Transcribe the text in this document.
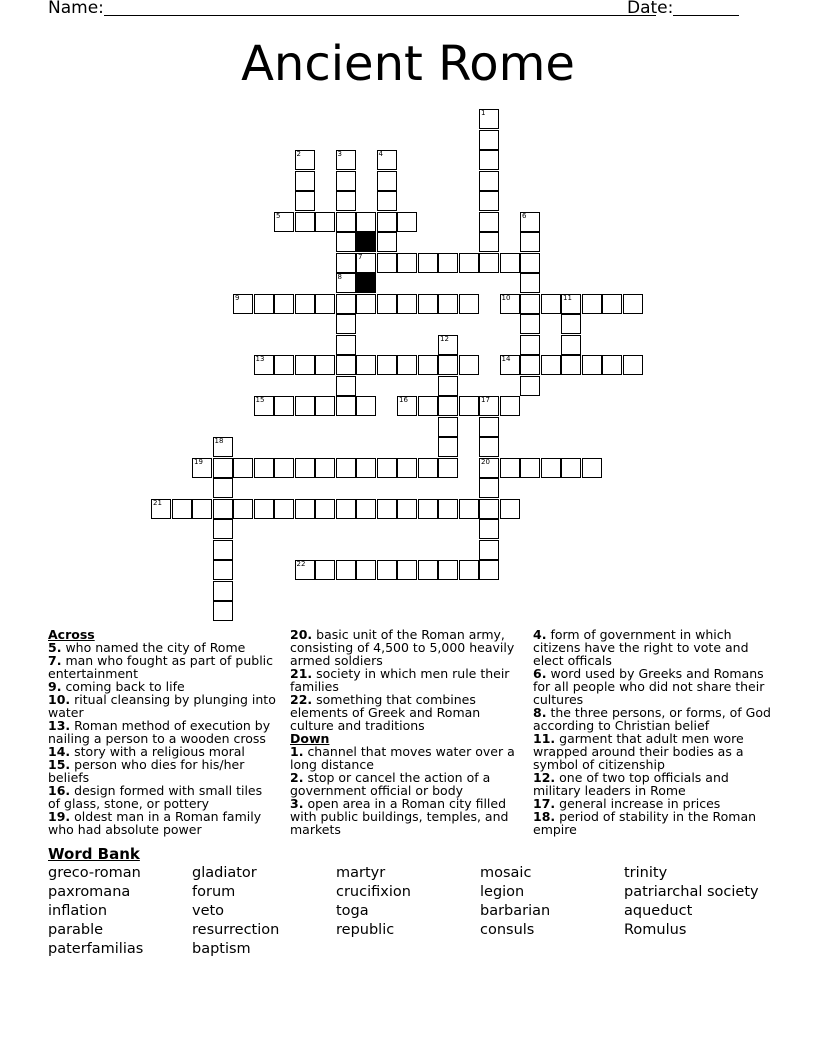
Name:	Date:
Ancient Rome
1
2	3	4
5	6
7
8
9	10	11
12
13	14
15	16	17
20
18
19
21
22
Across
5. who named the city of Rome
7. man who fought as part of public entertainment
9. coming back to life
10. ritual cleansing by plunging into water
13. Roman method of execution by nailing a person to a wooden cross
14. story with a religious moral
15. person who dies for his/her beliefs
16. design formed with small tiles of glass, stone, or pottery
19. oldest man in a Roman family who had absolute power
20. basic unit of the Roman army, consisting of 4,500 to 5,000 heavily armed soldiers
21. society in which men rule their families
22. something that combines elements of Greek and Roman culture and traditions
Down
1. channel that moves water over a long distance
2. stop or cancel the action of a government official or body
3. open area in a Roman city filled with public buildings, temples, and markets
4. form of government in which citizens have the right to vote and elect officals
6. word used by Greeks and Romans for all people who did not share their cultures
8. the three persons, or forms, of God according to Christian belief
11. garment that adult men wore wrapped around their bodies as a symbol of citizenship
12. one of two top officials and military leaders in Rome
17. general increase in prices
18. period of stability in the Roman empire
Word Bank
greco-roman
paxromana
inflation
parable
paterfamilias
gladiator
forum
veto
resurrection
baptism
martyr
crucifixion
toga
republic
mosaic
legion
barbarian
consuls
trinity
patriarchal society
aqueduct
Romulus
